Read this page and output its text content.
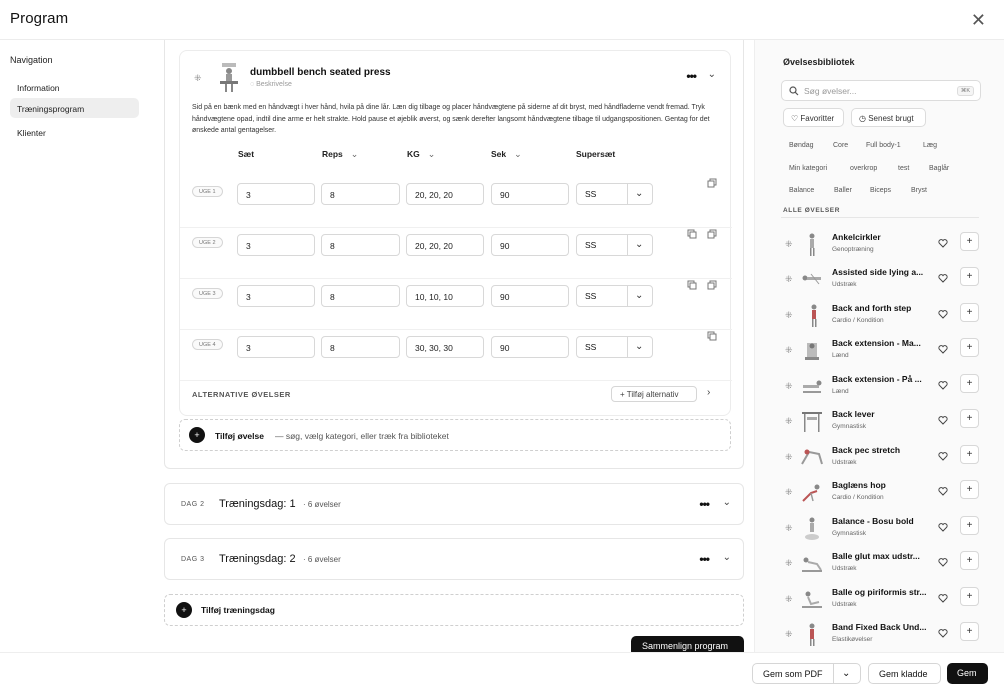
Program	✕
Navigation
Information
Træningsprogram
Klienter
⁜	dumbbell bench seated press
◌ Beskrivelse
••• ⌄
Sid på en bænk med en håndvægt i hver hånd, hvila på dine lår. Læn dig tilbage og placer håndvægtene på siderne af dit bryst, med håndfladerne vendt fremad. Tryk håndvægtene opad, indtil dine arme er helt strakte. Hold pause et øjeblik øverst, og sænk derefter langsomt håndvægtene tilbage til udgangspositionen. Gentag for det ønskede antal gentagelser.
Sæt	Reps ⌄	KG ⌄	Sek ⌄	Supersæt
UGE 1	3	8	20, 20, 20	90	SS	⌄
UGE 2	3	8	20, 20, 20	90	SS	⌄
UGE 3	3	8	10, 10, 10	90	SS	⌄
UGE 4	3	8	30, 30, 30	90	SS	⌄
ALTERNATIVE ØVELSER	+ Tilføj alternativ	›
+	Tilføj øvelse — søg, vælg kategori, eller træk fra biblioteket
DAG 2 Træningsdag: 1 · 6 øvelser	••• ⌄
DAG 3 Træningsdag: 2 · 6 øvelser	••• ⌄
+	Tilføj træningsdag
Sammenlign program
Øvelsesbibliotek
Søg øvelser...
⌘K
♡ Favoritter	◷ Senest brugt
Bøndag	Core	Full body-1	Læg
Min kategori	overkrop	test	Baglår
Balance	Baller	Biceps	Bryst
ALLE ØVELSER
⁜
Ankelcirkler
Genoptræning
+
⁜
Assisted side lying a...
Udstræk
+
⁜
Back and forth step
Cardio / Kondition
+
⁜
Back extension - Ma...
Lænd
+
⁜
Back extension - På ...
Lænd
+
⁜
Back lever
Gymnastisk
+
⁜
Back pec stretch
Udstræk
+
⁜
Baglæns hop
Cardio / Kondition
+
⁜
Balance - Bosu bold
Gymnastisk
+
⁜
Balle glut max udstr...
Udstræk
+
⁜
Balle og piriformis str...
Udstræk
+
⁜
Band Fixed Back Und...
Elastikøvelser
+
Gem som PDF ⌄	Gem kladde	Gem
